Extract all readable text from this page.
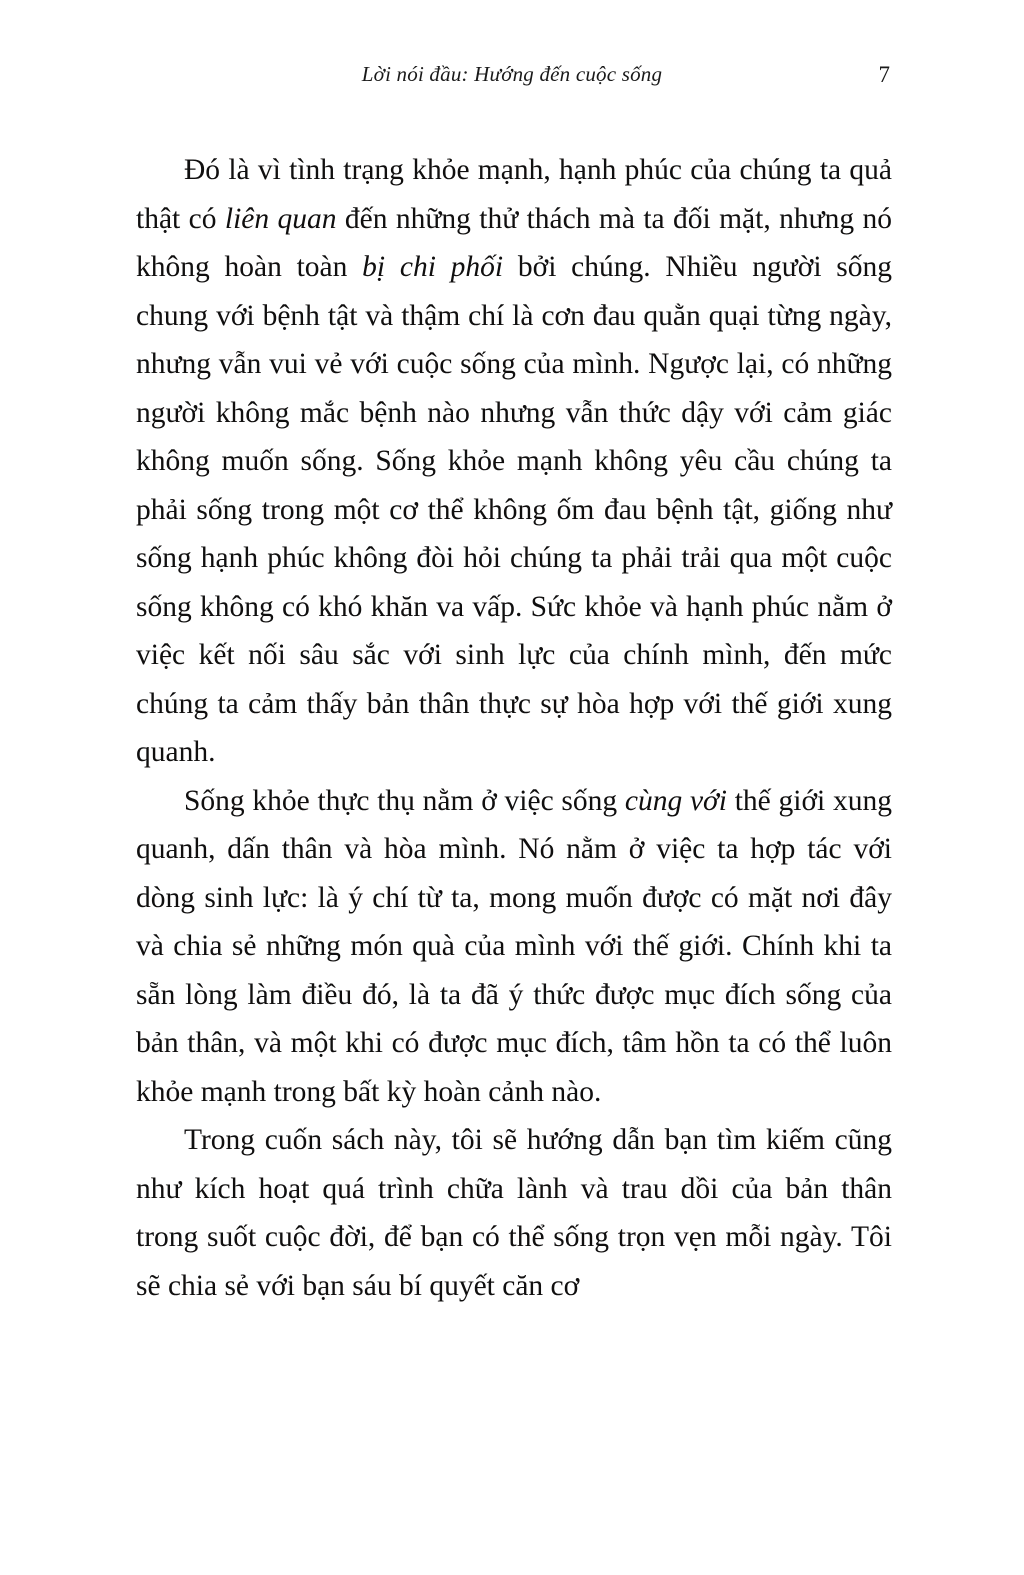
Lời nói đầu: Hướng đến cuộc sống	7

Đó là vì tình trạng khỏe mạnh, hạnh phúc của chúng ta quả thật có liên quan đến những thử thách mà ta đối mặt, nhưng nó không hoàn toàn bị chi phối bởi chúng. Nhiều người sống chung với bệnh tật và thậm chí là cơn đau quằn quại từng ngày, nhưng vẫn vui vẻ với cuộc sống của mình. Ngược lại, có những người không mắc bệnh nào nhưng vẫn thức dậy với cảm giác không muốn sống. Sống khỏe mạnh không yêu cầu chúng ta phải sống trong một cơ thể không ốm đau bệnh tật, giống như sống hạnh phúc không đòi hỏi chúng ta phải trải qua một cuộc sống không có khó khăn va vấp. Sức khỏe và hạnh phúc nằm ở việc kết nối sâu sắc với sinh lực của chính mình, đến mức chúng ta cảm thấy bản thân thực sự hòa hợp với thế giới xung quanh.

Sống khỏe thực thụ nằm ở việc sống cùng với thế giới xung quanh, dấn thân và hòa mình. Nó nằm ở việc ta hợp tác với dòng sinh lực: là ý chí từ ta, mong muốn được có mặt nơi đây và chia sẻ những món quà của mình với thế giới. Chính khi ta sẵn lòng làm điều đó, là ta đã ý thức được mục đích sống của bản thân, và một khi có được mục đích, tâm hồn ta có thể luôn khỏe mạnh trong bất kỳ hoàn cảnh nào.

Trong cuốn sách này, tôi sẽ hướng dẫn bạn tìm kiếm cũng như kích hoạt quá trình chữa lành và trau dồi của bản thân trong suốt cuộc đời, để bạn có thể sống trọn vẹn mỗi ngày. Tôi sẽ chia sẻ với bạn sáu bí quyết căn cơ
